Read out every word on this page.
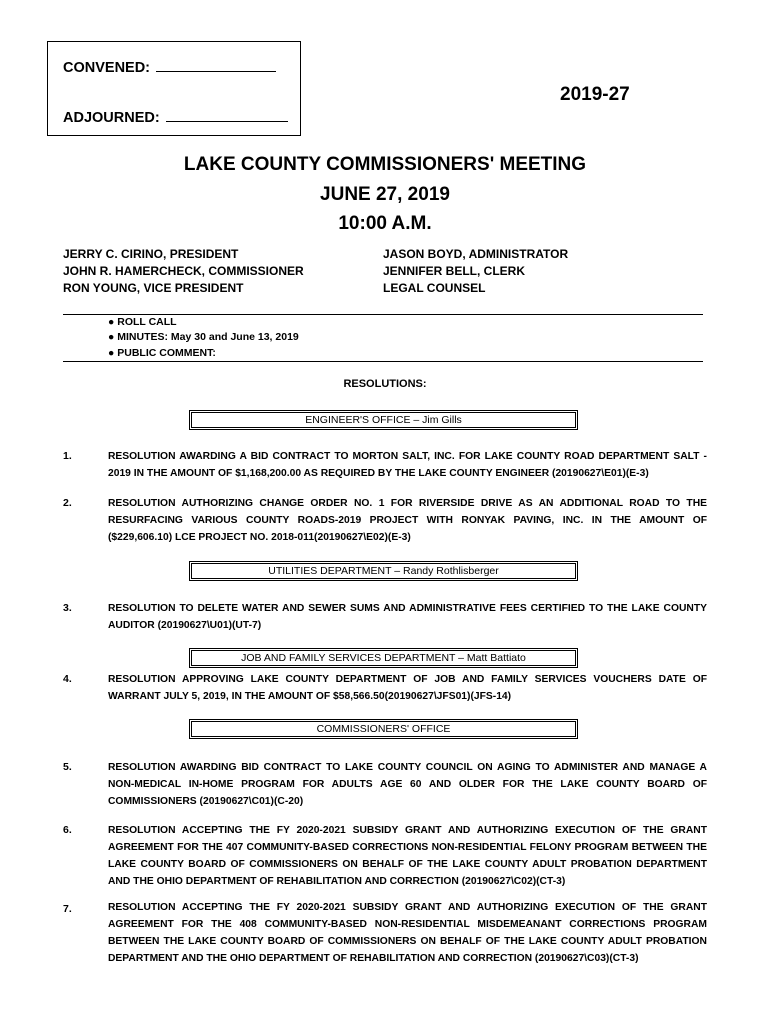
CONVENED:
ADJOURNED:
2019-27
LAKE COUNTY COMMISSIONERS' MEETING
JUNE 27, 2019
10:00 A.M.
JERRY C. CIRINO, PRESIDENT
JOHN R. HAMERCHECK, COMMISSIONER
RON YOUNG, VICE PRESIDENT
JASON BOYD, ADMINISTRATOR
JENNIFER BELL, CLERK
LEGAL COUNSEL
● ROLL CALL
● MINUTES: May 30 and June 13, 2019
● PUBLIC COMMENT:
RESOLUTIONS:
ENGINEER'S OFFICE – Jim Gills
1.	RESOLUTION AWARDING A BID CONTRACT TO MORTON SALT, INC. FOR LAKE COUNTY ROAD DEPARTMENT SALT - 2019 IN THE AMOUNT OF $1,168,200.00 AS REQUIRED BY THE LAKE COUNTY ENGINEER (20190627\E01)(E-3)
2.	RESOLUTION AUTHORIZING CHANGE ORDER NO. 1 FOR RIVERSIDE DRIVE AS AN ADDITIONAL ROAD TO THE RESURFACING VARIOUS COUNTY ROADS-2019 PROJECT WITH RONYAK PAVING, INC. IN THE AMOUNT OF ($229,606.10) LCE PROJECT NO. 2018-011(20190627\E02)(E-3)
UTILITIES DEPARTMENT – Randy Rothlisberger
3.	RESOLUTION TO DELETE WATER AND SEWER SUMS AND ADMINISTRATIVE FEES CERTIFIED TO THE LAKE COUNTY AUDITOR (20190627\U01)(UT-7)
JOB AND FAMILY SERVICES DEPARTMENT – Matt Battiato
4.	RESOLUTION APPROVING LAKE COUNTY DEPARTMENT OF JOB AND FAMILY SERVICES VOUCHERS DATE OF WARRANT JULY 5, 2019, IN THE AMOUNT OF $58,566.50(20190627\JFS01)(JFS-14)
COMMISSIONERS' OFFICE
5.	RESOLUTION AWARDING BID CONTRACT TO LAKE COUNTY COUNCIL ON AGING TO ADMINISTER AND MANAGE A NON-MEDICAL IN-HOME PROGRAM FOR ADULTS AGE 60 AND OLDER FOR THE LAKE COUNTY BOARD OF COMMISSIONERS (20190627\C01)(C-20)
6.	RESOLUTION ACCEPTING THE FY 2020-2021 SUBSIDY GRANT AND AUTHORIZING EXECUTION OF THE GRANT AGREEMENT FOR THE 407 COMMUNITY-BASED CORRECTIONS NON-RESIDENTIAL FELONY PROGRAM BETWEEN THE LAKE COUNTY BOARD OF COMMISSIONERS ON BEHALF OF THE LAKE COUNTY ADULT PROBATION DEPARTMENT AND THE OHIO DEPARTMENT OF REHABILITATION AND CORRECTION (20190627\C02)(CT-3)
7.	RESOLUTION ACCEPTING THE FY 2020-2021 SUBSIDY GRANT AND AUTHORIZING EXECUTION OF THE GRANT AGREEMENT FOR THE 408 COMMUNITY-BASED NON-RESIDENTIAL MISDEMEANANT CORRECTIONS PROGRAM BETWEEN THE LAKE COUNTY BOARD OF COMMISSIONERS ON BEHALF OF THE LAKE COUNTY ADULT PROBATION DEPARTMENT AND THE OHIO DEPARTMENT OF REHABILITATION AND CORRECTION (20190627\C03)(CT-3)
